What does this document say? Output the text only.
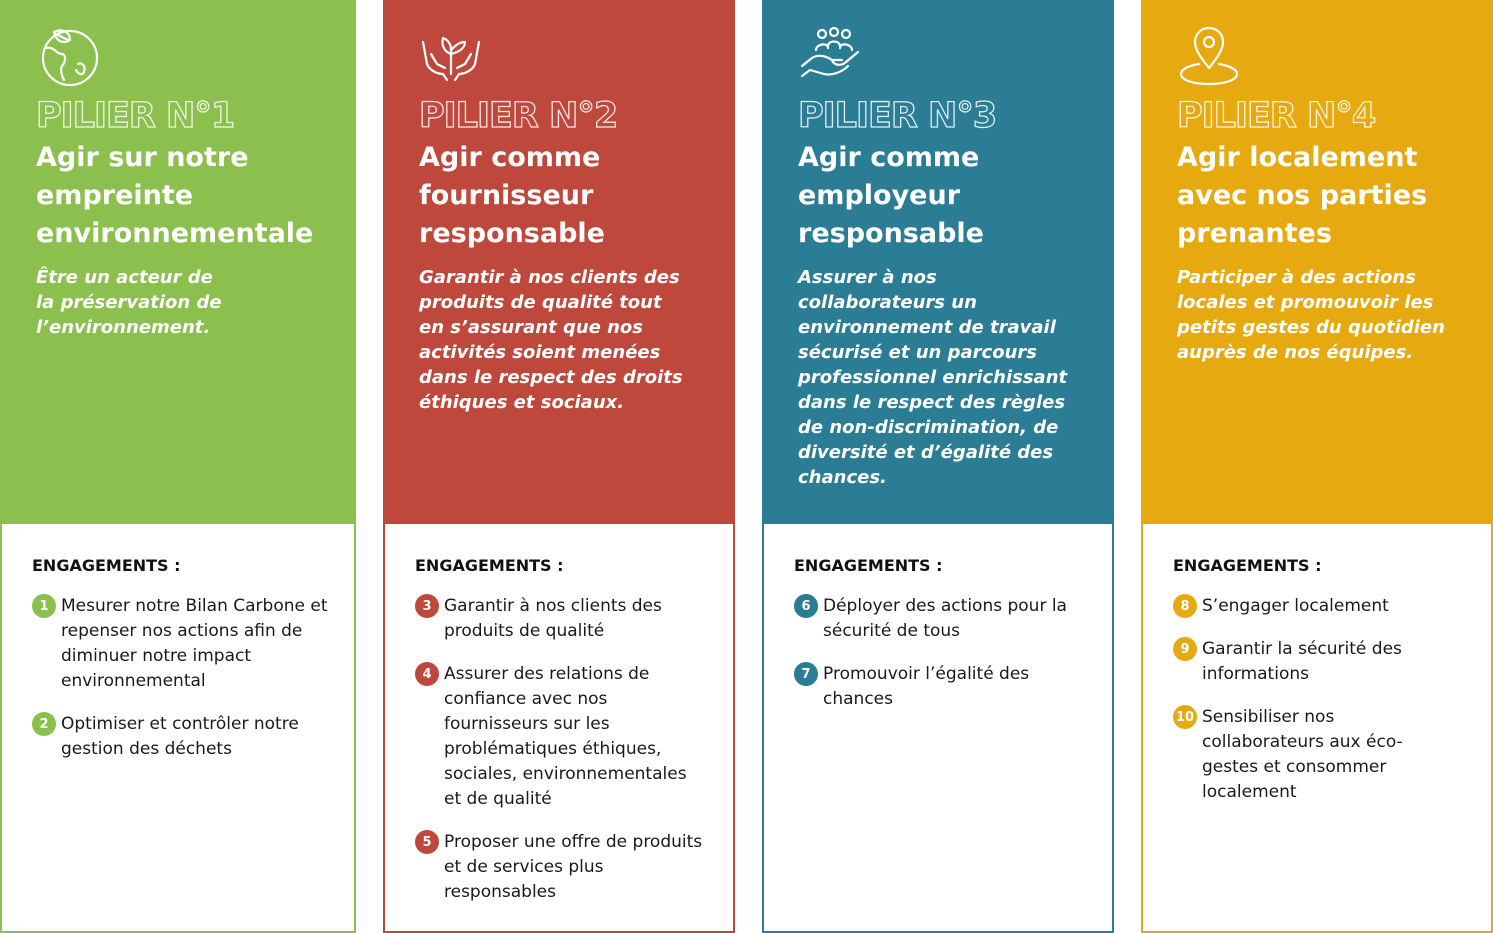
PILIER N°1
Agir sur notre empreinte environnementale
Être un acteur de la préservation de l’environnement.
ENGAGEMENTS :
1 Mesurer notre Bilan Carbone et repenser nos actions afin de diminuer notre impact environnemental
2 Optimiser et contrôler notre gestion des déchets
PILIER N°2
Agir comme fournisseur responsable
Garantir à nos clients des produits de qualité tout en s’assurant que nos activités soient menées dans le respect des droits éthiques et sociaux.
ENGAGEMENTS :
3 Garantir à nos clients des produits de qualité
4 Assurer des relations de confiance avec nos fournisseurs sur les problématiques éthiques, sociales, environnementales et de qualité
5 Proposer une offre de produits et de services plus responsables
PILIER N°3
Agir comme employeur responsable
Assurer à nos collaborateurs un environnement de travail sécurisé et un parcours professionnel enrichissant dans le respect des règles de non-discrimination, de diversité et d’égalité des chances.
ENGAGEMENTS :
6 Déployer des actions pour la sécurité de tous
7 Promouvoir l’égalité des chances
PILIER N°4
Agir localement avec nos parties prenantes
Participer à des actions locales et promouvoir les petits gestes du quotidien auprès de nos équipes.
ENGAGEMENTS :
8 S’engager localement
9 Garantir la sécurité des informations
10 Sensibiliser nos collaborateurs aux éco-gestes et consommer localement
